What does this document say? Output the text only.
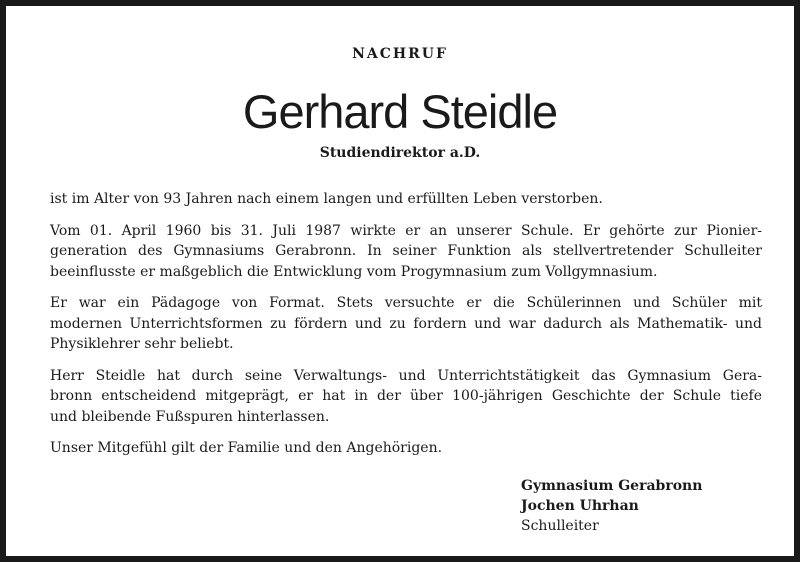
NACHRUF
Gerhard Steidle
Studiendirektor a.D.

ist im Alter von 93 Jahren nach einem langen und erfüllten Leben verstorben.

Vom 01. April 1960 bis 31. Juli 1987 wirkte er an unserer Schule. Er gehörte zur Pionier-
generation des Gymnasiums Gerabronn. In seiner Funktion als stellvertretender Schulleiter
beeinflusste er maßgeblich die Entwicklung vom Progymnasium zum Vollgymnasium.

Er war ein Pädagoge von Format. Stets versuchte er die Schülerinnen und Schüler mit
modernen Unterrichtsformen zu fördern und zu fordern und war dadurch als Mathematik- und
Physiklehrer sehr beliebt.

Herr Steidle hat durch seine Verwaltungs- und Unterrichtstätigkeit das Gymnasium Gera-
bronn entscheidend mitgeprägt, er hat in der über 100-jährigen Geschichte der Schule tiefe
und bleibende Fußspuren hinterlassen.

Unser Mitgefühl gilt der Familie und den Angehörigen.

Gymnasium Gerabronn
Jochen Uhrhan
Schulleiter
